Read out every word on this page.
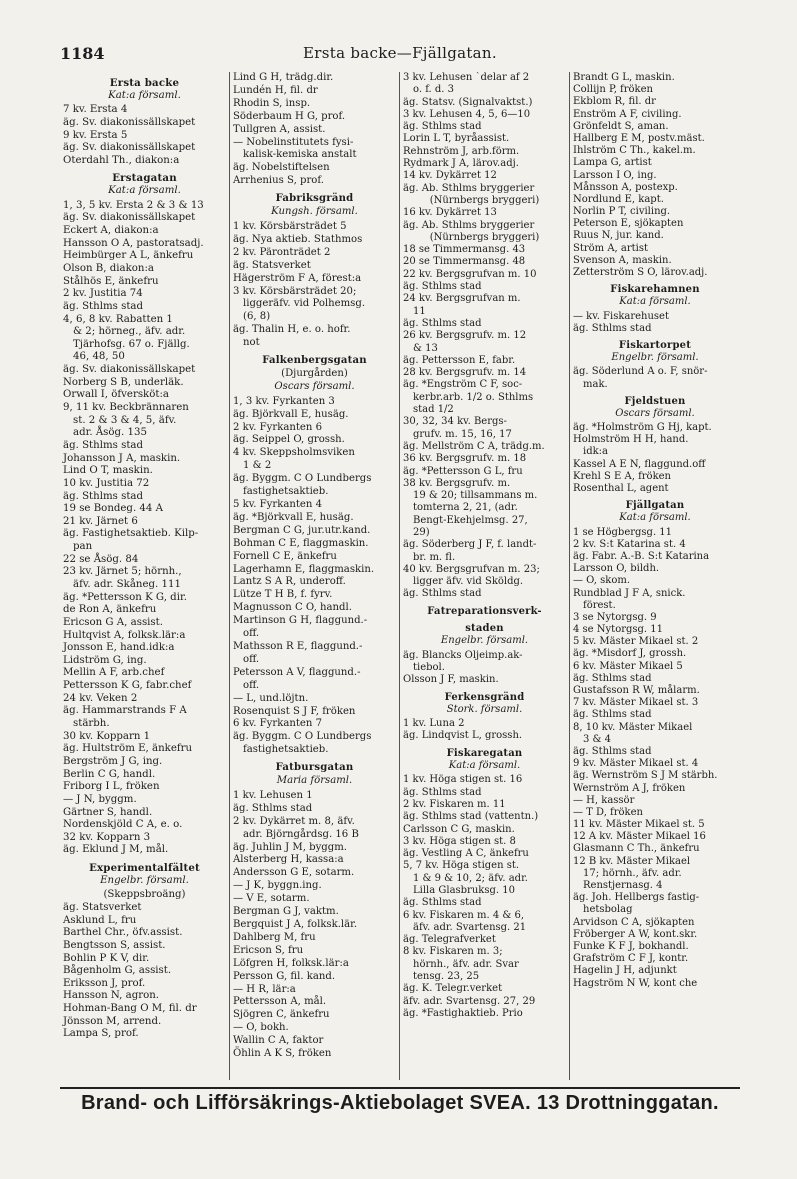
1184	Ersta backe—Fjällgatan.
Ersta backe
Kat:a församl.
7 kv. Ersta 4
äg. Sv. diakonissällskapet
9 kv. Ersta 5
äg. Sv. diakonissällskapet
Oterdahl Th., diakon:a
Erstagatan
Kat:a församl.
1, 3, 5 kv. Ersta 2 & 3 & 13
äg. Sv. diakonissällskapet
Eckert A, diakon:a
Hansson O A, pastoratsadj.
Heimbürger A L, änkefru
Olson B, diakon:a
Stålhös E, änkefru
2 kv. Justitia 74
äg. Sthlms stad
4, 6, 8 kv. Rabatten 1
& 2; hörneg., äfv. adr.
Tjärhofsg. 67 o. Fjällg.
46, 48, 50
äg. Sv. diakonissällskapet
Norberg S B, underläk.
Orwall I, öfversköt:a
9, 11 kv. Beckbrännaren
st. 2 & 3 & 4, 5, äfv.
adr. Åsög. 135
äg. Sthlms stad
Johansson J A, maskin.
Lind O T, maskin.
10 kv. Justitia 72
äg. Sthlms stad
19 se Bondeg. 44 A
21 kv. Järnet 6
äg. Fastighetsaktieb. Kilp-
pan
22 se Åsög. 84
23 kv. Järnet 5; hörnh.,
äfv. adr. Skåneg. 111
äg. *Pettersson K G, dir.
de Ron A, änkefru
Ericson G A, assist.
Hultqvist A, folksk.lär:a
Jonsson E, hand.idk:a
Lidström G, ing.
Mellin A F, arb.chef
Pettersson K G, fabr.chef
24 kv. Veken 2
äg. Hammarstrands F A
stärbh.
30 kv. Kopparn 1
äg. Hultström E, änkefru
Bergström J G, ing.
Berlin C G, handl.
Friborg I L, fröken
— J N, byggm.
Gärtner S, handl.
Nordenskjöld C A, e. o.
32 kv. Kopparn 3
äg. Eklund J M, mål.
Experimentalfältet
Engelbr. församl.
(Skeppsbroäng)
äg. Statsverket
Asklund L, fru
Barthel Chr., öfv.assist.
Bengtsson S, assist.
Bohlin P K V, dir.
Bågenholm G, assist.
Eriksson J, prof.
Hansson N, agron.
Hohman-Bang O M, fil. dr
Jönsson M, arrend.
Lampa S, prof.
Lind G H, trädg.dir.
Lundén H, fil. dr
Rhodin S, insp.
Söderbaum H G, prof.
Tullgren A, assist.
— Nobelinstitutets fysi-
kalisk-kemiska anstalt
äg. Nobelstiftelsen
Arrhenius S, prof.
Fabriksgränd
Kungsh. församl.
1 kv. Körsbärsträdet 5
äg. Nya aktieb. Stathmos
2 kv. Päronträdet 2
äg. Statsverket
Hägerström F A, förest:a
3 kv. Körsbärsträdet 20;
liggeräfv. vid Polhemsg.
(6, 8)
äg. Thalin H, e. o. hofr.
not
Falkenbergsgatan
(Djurgården)
Oscars församl.
1, 3 kv. Fyrkanten 3
äg. Björkvall E, husäg.
2 kv. Fyrkanten 6
äg. Seippel O, grossh.
4 kv. Skeppsholmsviken
1 & 2
äg. Byggm. C O Lundbergs
fastighetsaktieb.
5 kv. Fyrkanten 4
äg. *Björkvall E, husäg.
Bergman C G, jur.utr.kand.
Bohman C E, flaggmaskin.
Fornell C E, änkefru
Lagerhamn E, flaggmaskin.
Lantz S A R, underoff.
Lütze T H B, f. fyrv.
Magnusson C O, handl.
Martinson G H, flaggund.-
off.
Mathsson R E, flaggund.-
off.
Petersson A V, flaggund.-
off.
— L, und.löjtn.
Rosenquist S J F, fröken
6 kv. Fyrkanten 7
äg. Byggm. C O Lundbergs
fastighetsaktieb.
Fatbursgatan
Maria församl.
1 kv. Lehusen 1
äg. Sthlms stad
2 kv. Dykärret m. 8, äfv.
adr. Björngårdsg. 16 B
äg. Juhlin J M, byggm.
Alsterberg H, kassa:a
Andersson G E, sotarm.
— J K, byggn.ing.
— V E, sotarm.
Bergman G J, vaktm.
Bergquist J A, folksk.lär.
Dahlberg M, fru
Ericson S, fru
Löfgren H, folksk.lär:a
Persson G, fil. kand.
— H R, lär:a
Pettersson A, mål.
Sjögren C, änkefru
— O, bokh.
Wallin C A, faktor
Öhlin A K S, fröken
3 kv. Lehusen `delar af 2
o. f. d. 3
äg. Statsv. (Signalvaktst.)
3 kv. Lehusen 4, 5, 6—10
äg. Sthlms stad
Lorin L T, byråassist.
Rehnström J, arb.förm.
Rydmark J A, lärov.adj.
14 kv. Dykärret 12
äg. Ab. Sthlms bryggerier
(Nürnbergs bryggeri)
16 kv. Dykärret 13
äg. Ab. Sthlms bryggerier
(Nürnbergs bryggeri)
18 se Timmermansg. 43
20 se Timmermansg. 48
22 kv. Bergsgrufvan m. 10
äg. Sthlms stad
24 kv. Bergsgrufvan m.
11
äg. Sthlms stad
26 kv. Bergsgrufv. m. 12
& 13
äg. Pettersson E, fabr.
28 kv. Bergsgrufv. m. 14
äg. *Engström C F, soc-
kerbr.arb. 1/2 o. Sthlms
stad 1/2
30, 32, 34 kv. Bergs-
grufv. m. 15, 16, 17
äg. Mellström C A, trädg.m.
36 kv. Bergsgrufv. m. 18
äg. *Pettersson G L, fru
38 kv. Bergsgrufv. m.
19 & 20; tillsammans m.
tomterna 2, 21, (adr.
Bengt-Ekehjelmsg. 27,
29)
äg. Söderberg J F, f. landt-
br. m. fl.
40 kv. Bergsgrufvan m. 23;
ligger äfv. vid Sköldg.
äg. Sthlms stad
Fatreparationsverk-
staden
Engelbr. församl.
äg. Blancks Oljeimp.ak-
tiebol.
Olsson J F, maskin.
Ferkensgränd
Stork. församl.
1 kv. Luna 2
äg. Lindqvist L, grossh.
Fiskaregatan
Kat:a församl.
1 kv. Höga stigen st. 16
äg. Sthlms stad
2 kv. Fiskaren m. 11
äg. Sthlms stad (vattentn.)
Carlsson C G, maskin.
3 kv. Höga stigen st. 8
äg. Vestling A C, änkefru
5, 7 kv. Höga stigen st.
1 & 9 & 10, 2; äfv. adr.
Lilla Glasbruksg. 10
äg. Sthlms stad
6 kv. Fiskaren m. 4 & 6,
äfv. adr. Svartensg. 21
äg. Telegrafverket
8 kv. Fiskaren m. 3;
hörnh., äfv. adr. Svar
tensg. 23, 25
äg. K. Telegr.verket
äfv. adr. Svartensg. 27, 29
äg. *Fastighaktieb. Prio
Brandt G L, maskin.
Collijn P, fröken
Ekblom R, fil. dr
Enström A F, civiling.
Grönfeldt S, aman.
Hallberg E M, postv.mäst.
Ihlström C Th., kakel.m.
Lampa G, artist
Larsson I O, ing.
Månsson A, postexp.
Nordlund E, kapt.
Norlin P T, civiling.
Peterson E, sjökapten
Ruus N, jur. kand.
Ström A, artist
Svenson A, maskin.
Zetterström S O, lärov.adj.
Fiskarehamnen
Kat:a församl.
— kv. Fiskarehuset
äg. Sthlms stad
Fiskartorpet
Engelbr. församl.
äg. Söderlund A o. F, snör-
mak.
Fjeldstuen
Oscars församl.
äg. *Holmström G Hj, kapt.
Holmström H H, hand.
idk:a
Kassel A E N, flaggund.off
Krehl S E A, fröken
Rosenthal L, agent
Fjällgatan
Kat:a församl.
1 se Högbergsg. 11
2 kv. S:t Katarina st. 4
äg. Fabr. A.-B. S:t Katarina
Larsson O, bildh.
— O, skom.
Rundblad J F A, snick.
förest.
3 se Nytorgsg. 9
4 se Nytorgsg. 11
5 kv. Mäster Mikael st. 2
äg. *Misdorf J, grossh.
6 kv. Mäster Mikael 5
äg. Sthlms stad
Gustafsson R W, målarm.
7 kv. Mäster Mikael st. 3
äg. Sthlms stad
8, 10 kv. Mäster Mikael
3 & 4
äg. Sthlms stad
9 kv. Mäster Mikael st. 4
äg. Wernström S J M stärbh.
Wernström A J, fröken
— H, kassör
— T D, fröken
11 kv. Mäster Mikael st. 5
12 A kv. Mäster Mikael 16
Glasmann C Th., änkefru
12 B kv. Mäster Mikael
17; hörnh., äfv. adr.
Renstjernasg. 4
äg. Joh. Hellbergs fastig-
hetsbolag
Arvidson C A, sjökapten
Fröberger A W, kont.skr.
Funke K F J, bokhandl.
Grafström C F J, kontr.
Hagelin J H, adjunkt
Hagström N W, kont che
Brand- och Lifförsäkrings-Aktiebolaget SVEA. 13 Drottninggatan.
